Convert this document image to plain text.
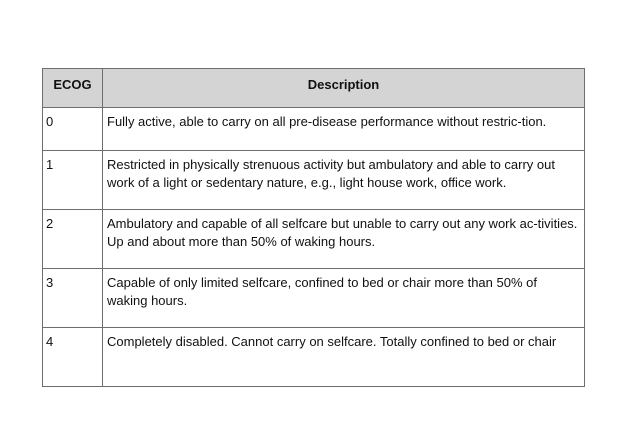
ECOG	Description

0	Fully active, able to carry on all pre-disease performance without restric-tion.

1	Restricted in physically strenuous activity but ambulatory and able to carry out work of a light or sedentary nature, e.g., light house work, office work.

2	Ambulatory and capable of all selfcare but unable to carry out any work ac-tivities. Up and about more than 50% of waking hours.

3	Capable of only limited selfcare, confined to bed or chair more than 50% of waking hours.

4	Completely disabled. Cannot carry on selfcare. Totally confined to bed or chair
